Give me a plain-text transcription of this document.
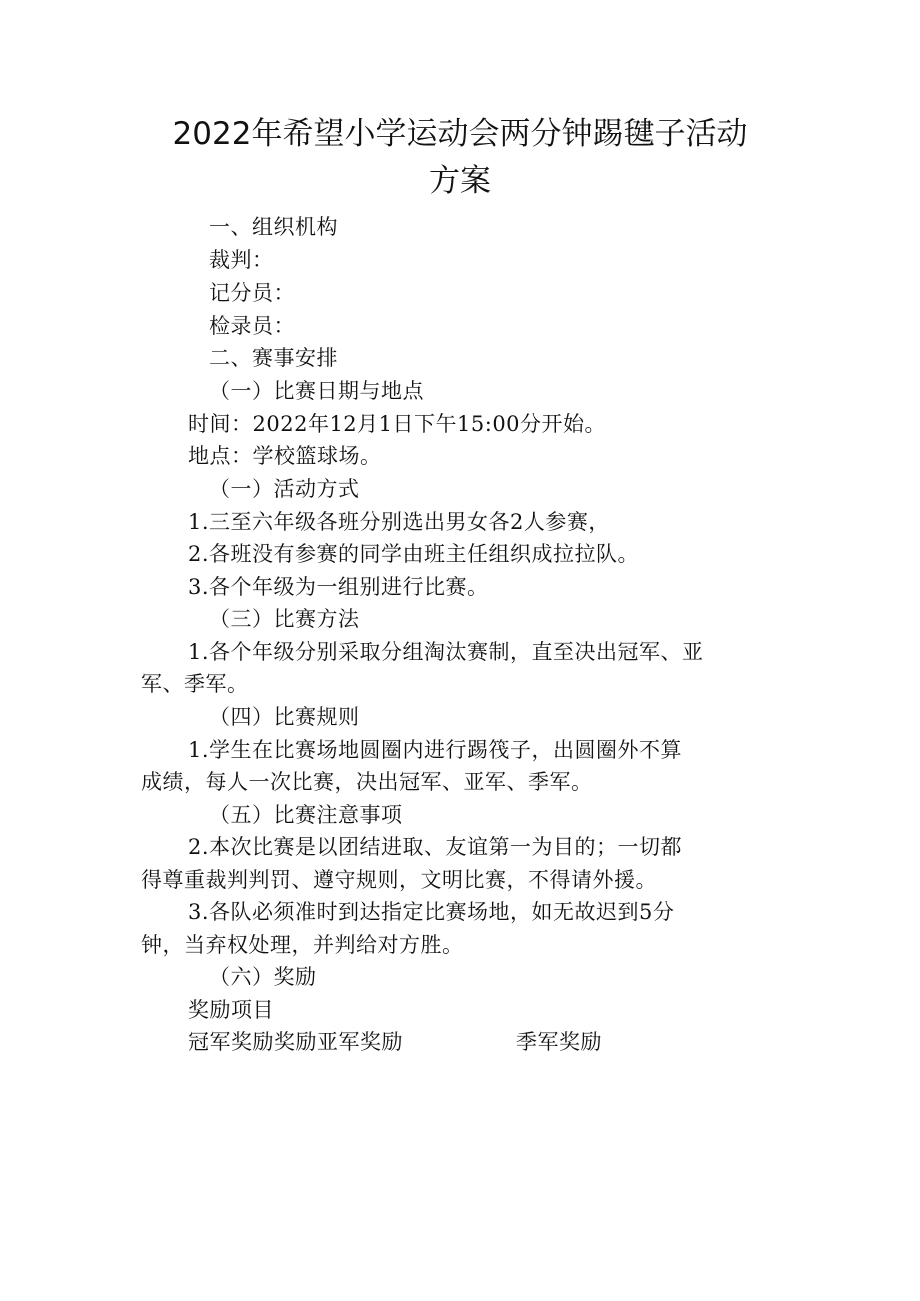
2022年希望小学运动会两分钟踢毽子活动
方案
一、组织机构
裁判：
记分员：
检录员：
二、赛事安排
（一）比赛日期与地点
时间：2022年12月1日下午15:00分开始。
地点：学校篮球场。
（一）活动方式
1.三至六年级各班分别选出男女各2人参赛，
2.各班没有参赛的同学由班主任组织成拉拉队。
3.各个年级为一组别进行比赛。
（三）比赛方法
1.各个年级分别采取分组淘汰赛制，直至决出冠军、亚
军、季军。
（四）比赛规则
1.学生在比赛场地圆圈内进行踢筏子，出圆圈外不算
成绩，每人一次比赛，决出冠军、亚军、季军。
（五）比赛注意事项
2.本次比赛是以团结进取、友谊第一为目的；一切都
得尊重裁判判罚、遵守规则，文明比赛，不得请外援。
3.各队必须准时到达指定比赛场地，如无故迟到5分
钟，当弃权处理，并判给对方胜。
（六）奖励
奖励项目
冠军奖励奖励亚军奖励	季军奖励
